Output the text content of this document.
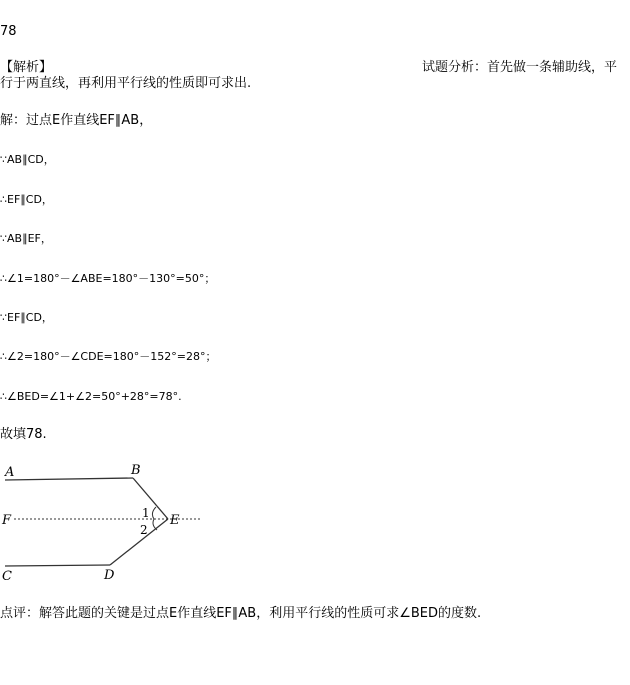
78
【解析】	试题分析：首先做一条辅助线，平
行于两直线，再利用平行线的性质即可求出.
解：过点E作直线EF∥AB，
∵AB∥CD，
∴EF∥CD，
∵AB∥EF，
∴∠1=180°－∠ABE=180°－130°=50°；
∵EF∥CD，
∴∠2=180°－∠CDE=180°－152°=28°；
∴∠BED=∠1+∠2=50°+28°=78°.
故填78.
A	B
F	E
C	D
1
2
点评：解答此题的关键是过点E作直线EF∥AB，利用平行线的性质可求∠BED的度数.
